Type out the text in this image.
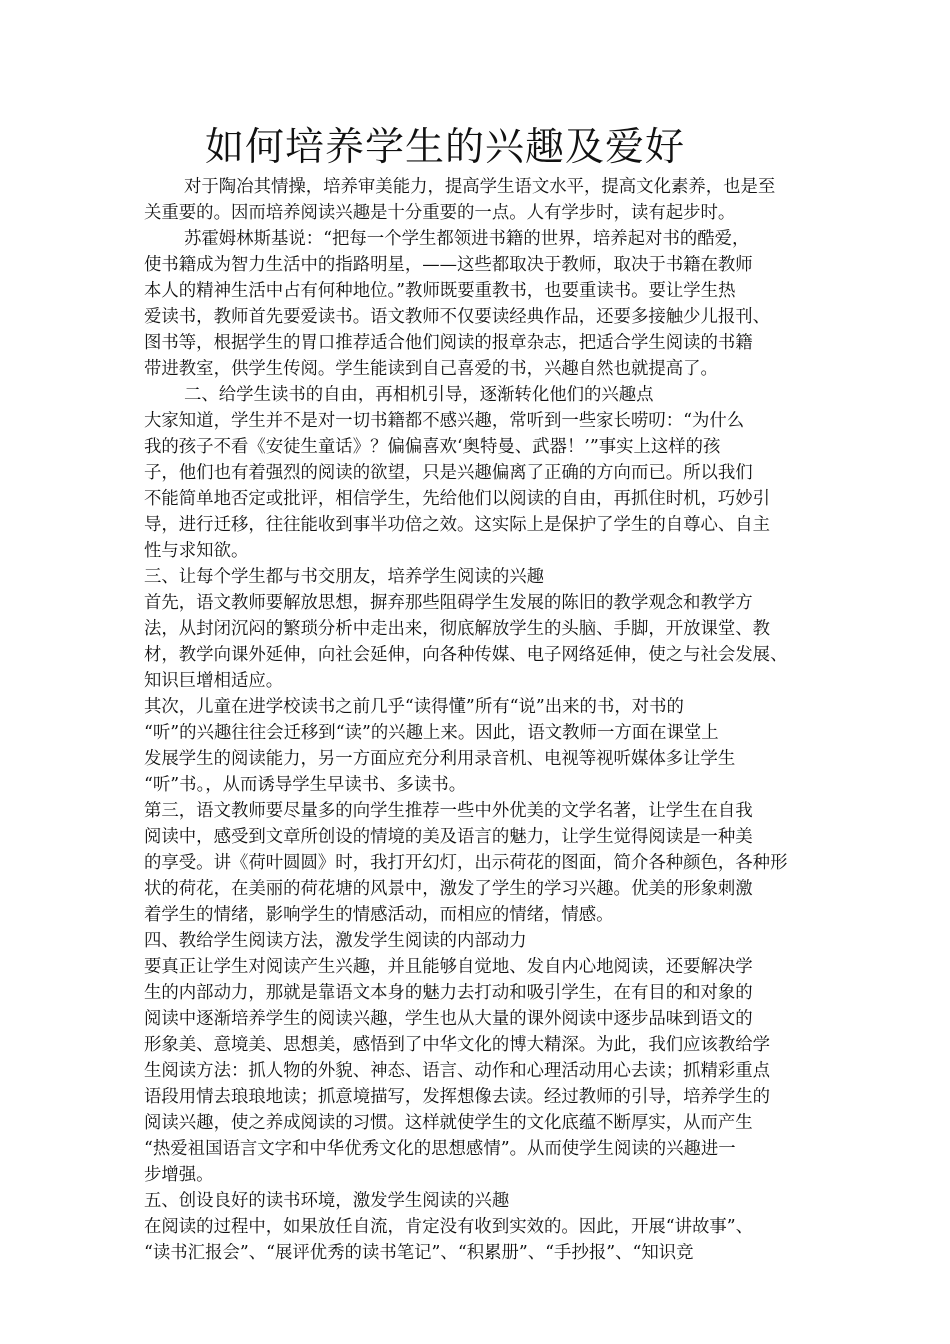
如何培养学生的兴趣及爱好
对于陶冶其情操，培养审美能力，提高学生语文水平，提高文化素养，也是至
关重要的。因而培养阅读兴趣是十分重要的一点。人有学步时，读有起步时。
苏霍姆林斯基说：“把每一个学生都领进书籍的世界，培养起对书的酷爱，
使书籍成为智力生活中的指路明星，——这些都取决于教师，取决于书籍在教师
本人的精神生活中占有何种地位。”教师既要重教书，也要重读书。要让学生热
爱读书，教师首先要爱读书。语文教师不仅要读经典作品，还要多接触少儿报刊、
图书等，根据学生的胃口推荐适合他们阅读的报章杂志，把适合学生阅读的书籍
带进教室，供学生传阅。学生能读到自己喜爱的书，兴趣自然也就提高了。
二、给学生读书的自由，再相机引导，逐渐转化他们的兴趣点
大家知道，学生并不是对一切书籍都不感兴趣，常听到一些家长唠叨：“为什么
我的孩子不看《安徒生童话》？偏偏喜欢‘奥特曼、武器！’”事实上这样的孩
子，他们也有着强烈的阅读的欲望，只是兴趣偏离了正确的方向而已。所以我们
不能简单地否定或批评，相信学生，先给他们以阅读的自由，再抓住时机，巧妙引
导，进行迁移，往往能收到事半功倍之效。这实际上是保护了学生的自尊心、自主
性与求知欲。
三、让每个学生都与书交朋友，培养学生阅读的兴趣
首先，语文教师要解放思想，摒弃那些阻碍学生发展的陈旧的教学观念和教学方
法，从封闭沉闷的繁琐分析中走出来，彻底解放学生的头脑、手脚，开放课堂、教
材，教学向课外延伸，向社会延伸，向各种传媒、电子网络延伸，使之与社会发展、
知识巨增相适应。
其次，儿童在进学校读书之前几乎“读得懂”所有“说”出来的书，对书的
“听”的兴趣往往会迁移到“读”的兴趣上来。因此，语文教师一方面在课堂上
发展学生的阅读能力，另一方面应充分利用录音机、电视等视听媒体多让学生
“听”书。，从而诱导学生早读书、多读书。
第三，语文教师要尽量多的向学生推荐一些中外优美的文学名著，让学生在自我
阅读中，感受到文章所创设的情境的美及语言的魅力，让学生觉得阅读是一种美
的享受。讲《荷叶圆圆》时，我打开幻灯，出示荷花的图面，简介各种颜色，各种形
状的荷花，在美丽的荷花塘的风景中，激发了学生的学习兴趣。优美的形象刺激
着学生的情绪，影响学生的情感活动，而相应的情绪，情感。
四、教给学生阅读方法，激发学生阅读的内部动力
要真正让学生对阅读产生兴趣，并且能够自觉地、发自内心地阅读，还要解决学
生的内部动力，那就是靠语文本身的魅力去打动和吸引学生，在有目的和对象的
阅读中逐渐培养学生的阅读兴趣，学生也从大量的课外阅读中逐步品味到语文的
形象美、意境美、思想美，感悟到了中华文化的博大精深。为此，我们应该教给学
生阅读方法：抓人物的外貌、神态、语言、动作和心理活动用心去读；抓精彩重点
语段用情去琅琅地读；抓意境描写，发挥想像去读。经过教师的引导，培养学生的
阅读兴趣，使之养成阅读的习惯。这样就使学生的文化底蕴不断厚实，从而产生
“热爱祖国语言文字和中华优秀文化的思想感情”。从而使学生阅读的兴趣进一
步增强。
五、创设良好的读书环境，激发学生阅读的兴趣
在阅读的过程中，如果放任自流，肯定没有收到实效的。因此，开展“讲故事”、
“读书汇报会”、“展评优秀的读书笔记”、“积累册”、“手抄报”、“知识竞
